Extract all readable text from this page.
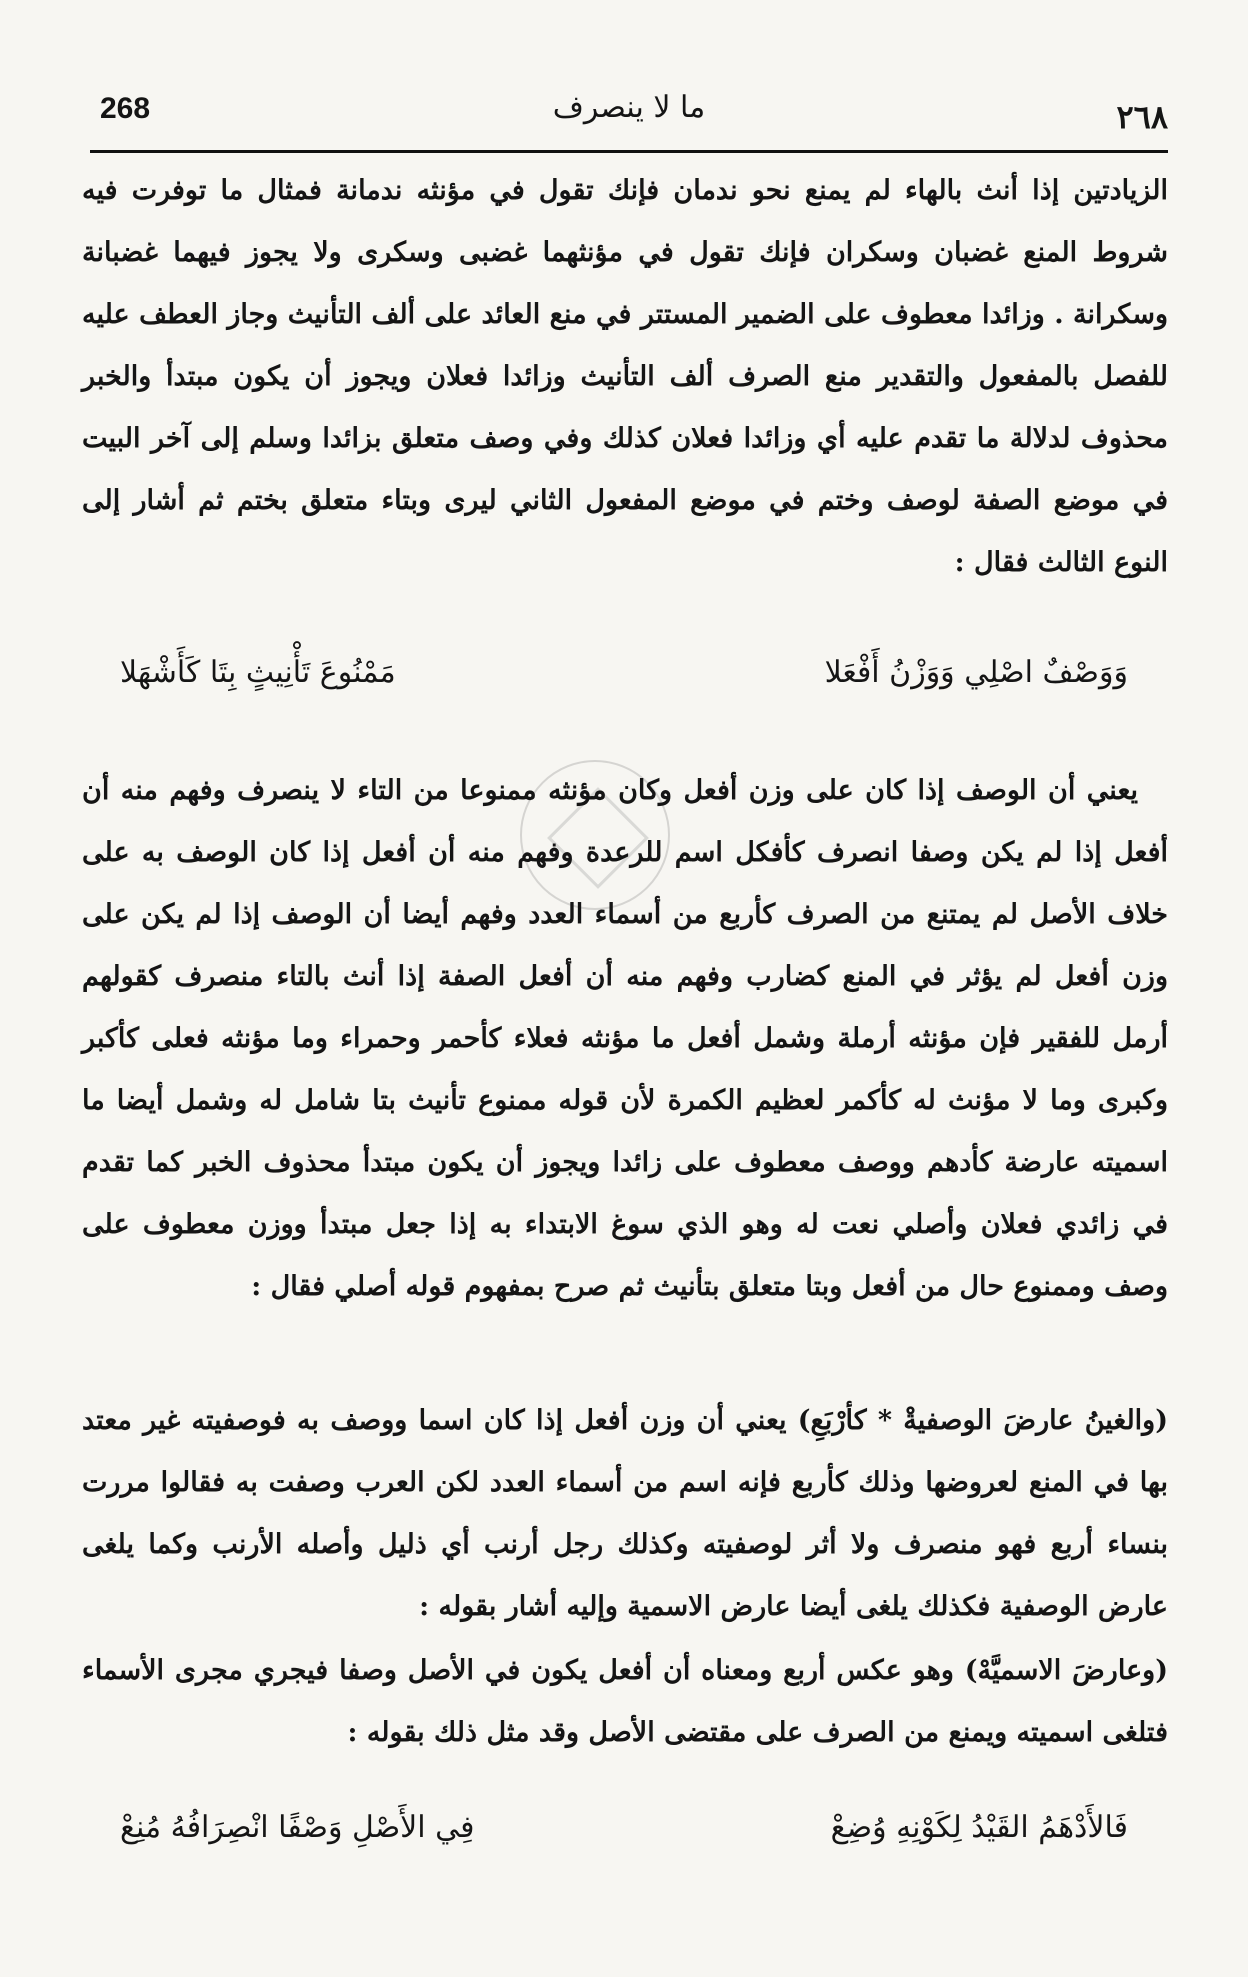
268	ما لا ينصرف	٢٦٨

الزيادتين إذا أنث بالهاء لم يمنع نحو ندمان فإنك تقول في مؤنثه ندمانة فمثال ما توفرت فيه شروط المنع غضبان وسكران فإنك تقول في مؤنثهما غضبى وسكرى ولا يجوز فيهما غضبانة وسكرانة . وزائدا معطوف على الضمير المستتر في منع العائد على ألف التأنيث وجاز العطف عليه للفصل بالمفعول والتقدير منع الصرف ألف التأنيث وزائدا فعلان ويجوز أن يكون مبتدأ والخبر محذوف لدلالة ما تقدم عليه أي وزائدا فعلان كذلك وفي وصف متعلق بزائدا وسلم إلى آخر البيت في موضع الصفة لوصف وختم في موضع المفعول الثاني ليرى وبتاء متعلق بختم ثم أشار إلى النوع الثالث فقال :

وَوَصْفٌ اصْلِي وَوَزْنُ أَفْعَلا
مَمْنُوعَ تَأْنِيثٍ بِتَا كَأَشْهَلا

يعني أن الوصف إذا كان على وزن أفعل وكان مؤنثه ممنوعا من التاء لا ينصرف وفهم منه أن أفعل إذا لم يكن وصفا انصرف كأفكل اسم للرعدة وفهم منه أن أفعل إذا كان الوصف به على خلاف الأصل لم يمتنع من الصرف كأربع من أسماء العدد وفهم أيضا أن الوصف إذا لم يكن على وزن أفعل لم يؤثر في المنع كضارب وفهم منه أن أفعل الصفة إذا أنث بالتاء منصرف كقولهم أرمل للفقير فإن مؤنثه أرملة وشمل أفعل ما مؤنثه فعلاء كأحمر وحمراء وما مؤنثه فعلى كأكبر وكبرى وما لا مؤنث له كأكمر لعظيم الكمرة لأن قوله ممنوع تأنيث بتا شامل له وشمل أيضا ما اسميته عارضة كأدهم ووصف معطوف على زائدا ويجوز أن يكون مبتدأ محذوف الخبر كما تقدم في زائدي فعلان وأصلي نعت له وهو الذي سوغ الابتداء به إذا جعل مبتدأ ووزن معطوف على وصف وممنوع حال من أفعل وبتا متعلق بتأنيث ثم صرح بمفهوم قوله أصلي فقال :

(والغينُ عارضَ الوصفيةْ * كأرْبَعِ) يعني أن وزن أفعل إذا كان اسما ووصف به فوصفيته غير معتد بها في المنع لعروضها وذلك كأربع فإنه اسم من أسماء العدد لكن العرب وصفت به فقالوا مررت بنساء أربع فهو منصرف ولا أثر لوصفيته وكذلك رجل أرنب أي ذليل وأصله الأرنب وكما يلغى عارض الوصفية فكذلك يلغى أيضا عارض الاسمية وإليه أشار بقوله :

(وعارضَ الاسميَّهْ) وهو عكس أربع ومعناه أن أفعل يكون في الأصل وصفا فيجري مجرى الأسماء فتلغى اسميته ويمنع من الصرف على مقتضى الأصل وقد مثل ذلك بقوله :

فَالأَدْهَمُ القَيْدُ لِكَوْنِهِ وُضِعْ
فِي الأَصْلِ وَصْفًا انْصِرَافُهُ مُنِعْ
